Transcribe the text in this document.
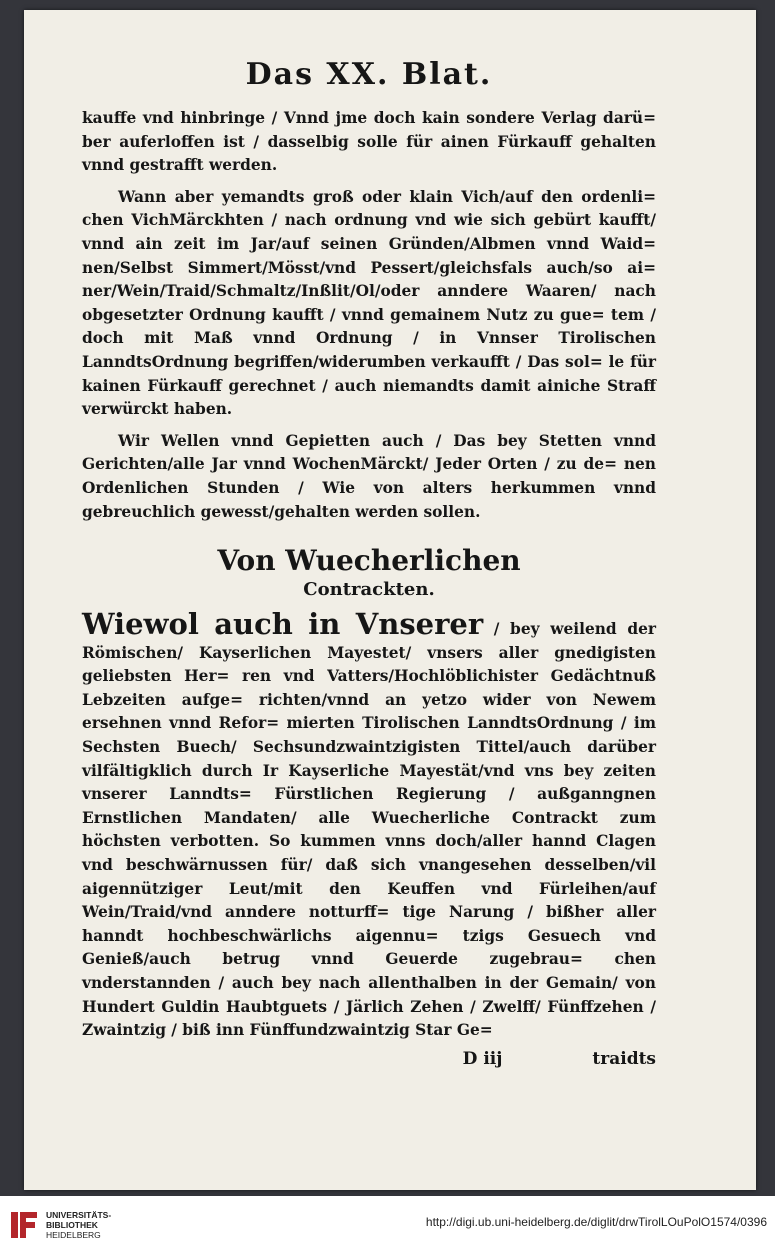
Das XX. Blat.

kauffe vnd hinbringe / Vnnd jme doch kain sondere Verlag darü= ber auferloffen ist / dasselbig solle für ainen Fürkauff gehalten vnnd gestrafft werden.

Wann aber yemandts groß oder klain Vich/auf den ordenli= chen VichMärckhten / nach ordnung vnd wie sich gebürt kaufft/ vnnd ain zeit im Jar/auf seinen Gründen/Albmen vnnd Waid= nen/Selbst Simmert/Mösst/vnd Pessert/gleichsfals auch/so ai= ner/Wein/Traid/Schmaltz/Inßlit/Ol/oder anndere Waaren/ nach obgesetzter Ordnung kaufft / vnnd gemainem Nutz zu gue= tem / doch mit Maß vnnd Ordnung / in Vnnser Tirolischen LanndtsOrdnung begriffen/widerumben verkaufft / Das sol= le für kainen Fürkauff gerechnet / auch niemandts damit ainiche Straff verwürckt haben.

Wir Wellen vnnd Gepietten auch / Das bey Stetten vnnd Gerichten/alle Jar vnnd WochenMärckt/ Jeder Orten / zu de= nen Ordenlichen Stunden / Wie von alters herkummen vnnd gebreuchlich gewesst/gehalten werden sollen.

Von Wuecherlichen
Contrackten.

Wiewol auch in Vnserer / bey weilend der Römischen/ Kayserlichen Mayestet/ vnsers aller gnedigisten geliebsten Her= ren vnd Vatters/Hochlöblichister Gedächtnuß Lebzeiten aufge= richten/vnnd an yetzo wider von Newem ersehnen vnnd Refor= mierten Tirolischen LanndtsOrdnung / im Sechsten Buech/ Sechsundzwaintzigisten Tittel/auch darüber vilfältigklich durch Ir Kayserliche Mayestät/vnd vns bey zeiten vnserer Lanndts= Fürstlichen Regierung / außganngnen Ernstlichen Mandaten/ alle Wuecherliche Contrackt zum höchsten verbotten. So kummen vnns doch/aller hannd Clagen vnd beschwärnussen für/ daß sich vnangesehen desselben/vil aigennütziger Leut/mit den Keuffen vnd Fürleihen/auf Wein/Traid/vnd anndere notturff= tige Narung / bißher aller hanndt hochbeschwärlichs aigennu= tzigs Gesuech vnd Genieß/auch betrug vnnd Geuerde zugebrau= chen vnderstannden / auch bey nach allenthalben in der Gemain/ von Hundert Guldin Haubtguets / Järlich Zehen / Zwelff/ Fünffzehen / Zwaintzig / biß inn Fünffundzwaintzig Star Ge=

D iij	traidts
UNIVERSITÄTS-
BIBLIOTHEK
HEIDELBERG
http://digi.ub.uni-heidelberg.de/diglit/drwTirolLOuPolO1574/0396
